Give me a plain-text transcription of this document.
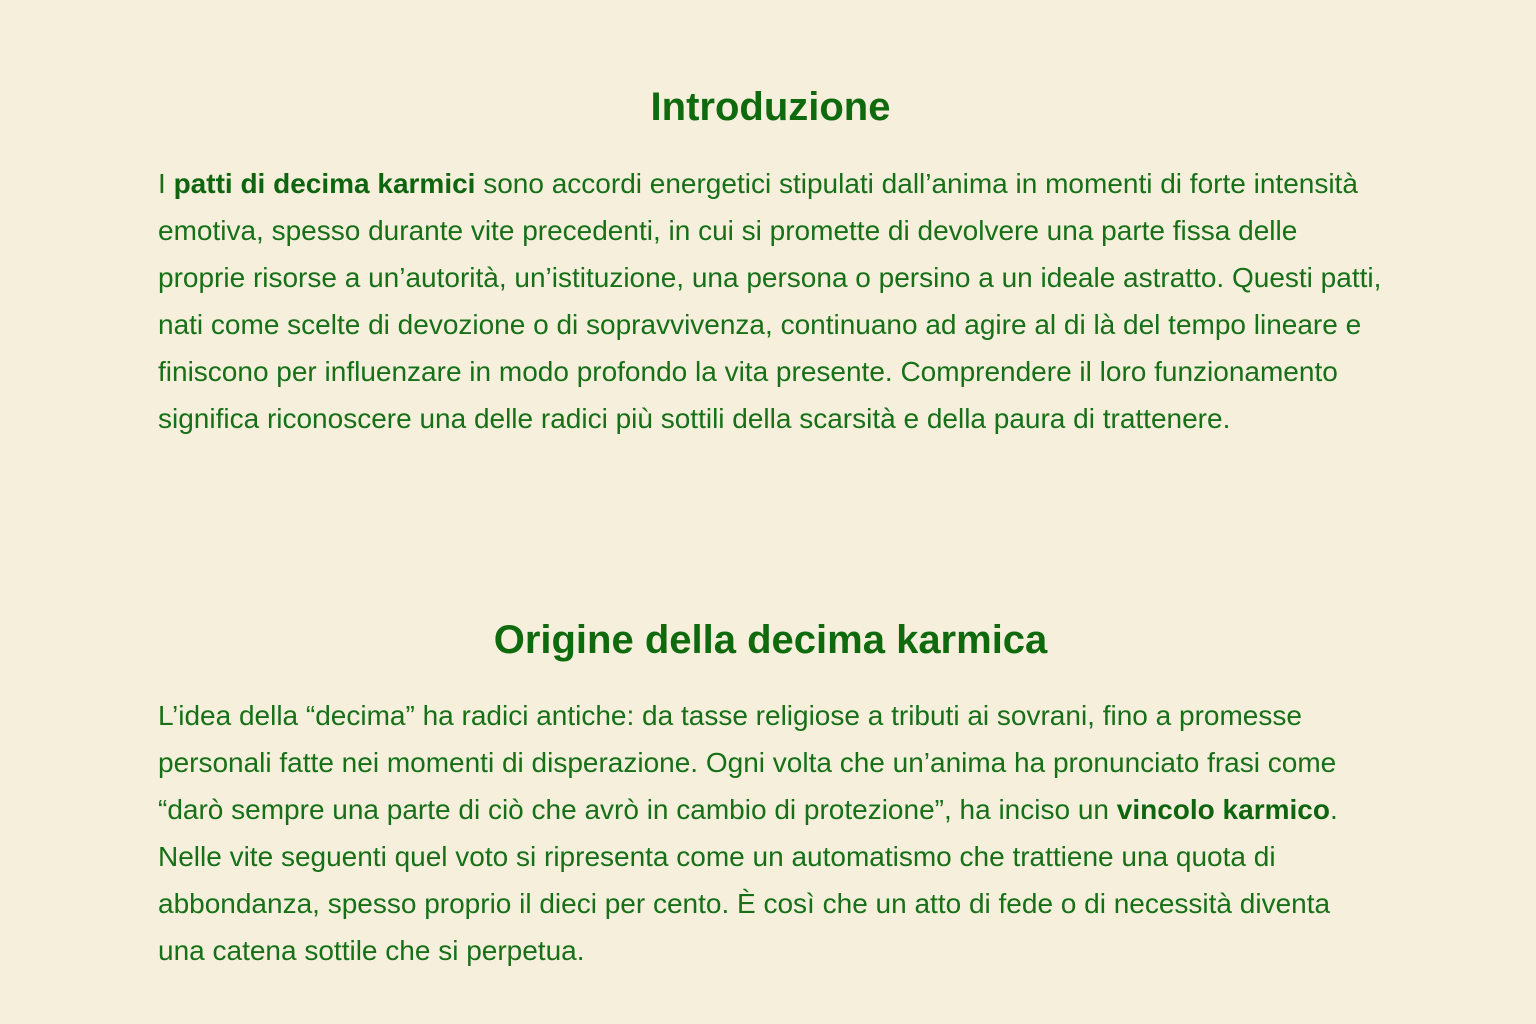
Introduzione

I patti di decima karmici sono accordi energetici stipulati dall’anima in momenti di forte intensità emotiva, spesso durante vite precedenti, in cui si promette di devolvere una parte fissa delle proprie risorse a un’autorità, un’istituzione, una persona o persino a un ideale astratto. Questi patti, nati come scelte di devozione o di sopravvivenza, continuano ad agire al di là del tempo lineare e finiscono per influenzare in modo profondo la vita presente. Comprendere il loro funzionamento significa riconoscere una delle radici più sottili della scarsità e della paura di trattenere.

Origine della decima karmica

L’idea della “decima” ha radici antiche: da tasse religiose a tributi ai sovrani, fino a promesse personali fatte nei momenti di disperazione. Ogni volta che un’anima ha pronunciato frasi come “darò sempre una parte di ciò che avrò in cambio di protezione”, ha inciso un vincolo karmico. Nelle vite seguenti quel voto si ripresenta come un automatismo che trattiene una quota di abbondanza, spesso proprio il dieci per cento. È così che un atto di fede o di necessità diventa una catena sottile che si perpetua.
